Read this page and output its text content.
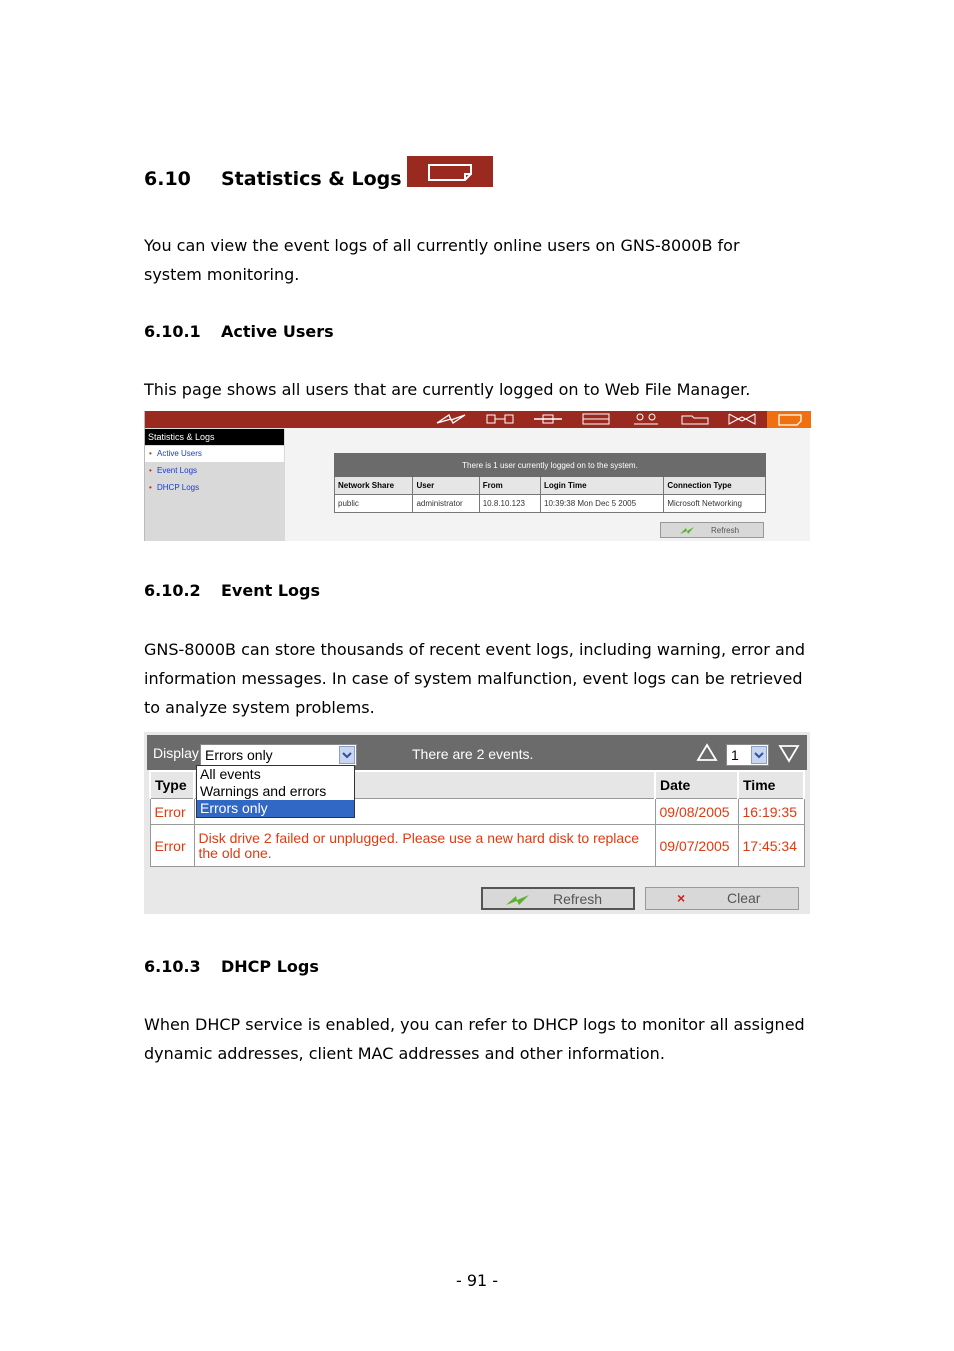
6.10 Statistics & Logs
You can view the event logs of all currently online users on GNS-8000B for system monitoring.
6.10.1 Active Users
This page shows all users that are currently logged on to Web File Manager.
Statistics & Logs
• Active Users
• Event Logs
• DHCP Logs
There is 1 user currently logged on to the system.				
Network Share	User	From	Login Time	Connection Type
public	administrator	10.8.10.123	10:39:38 Mon Dec 5 2005	Microsoft Networking
Refresh
6.10.2 Event Logs
GNS-8000B can store thousands of recent event logs, including warning, error and information messages. In case of system malfunction, event logs can be retrieved to analyze system problems.
Display Errors only	There are 2 events.	1
Type		Date	Time
Error		09/08/2005	16:19:35
Error	Disk drive 2 failed or unplugged. Please use a new hard disk to replace the old one.	09/07/2005	17:45:34
All events
Warnings and errors
Errors only
Refresh	×	Clear
6.10.3 DHCP Logs
When DHCP service is enabled, you can refer to DHCP logs to monitor all assigned dynamic addresses, client MAC addresses and other information.
- 91 -
